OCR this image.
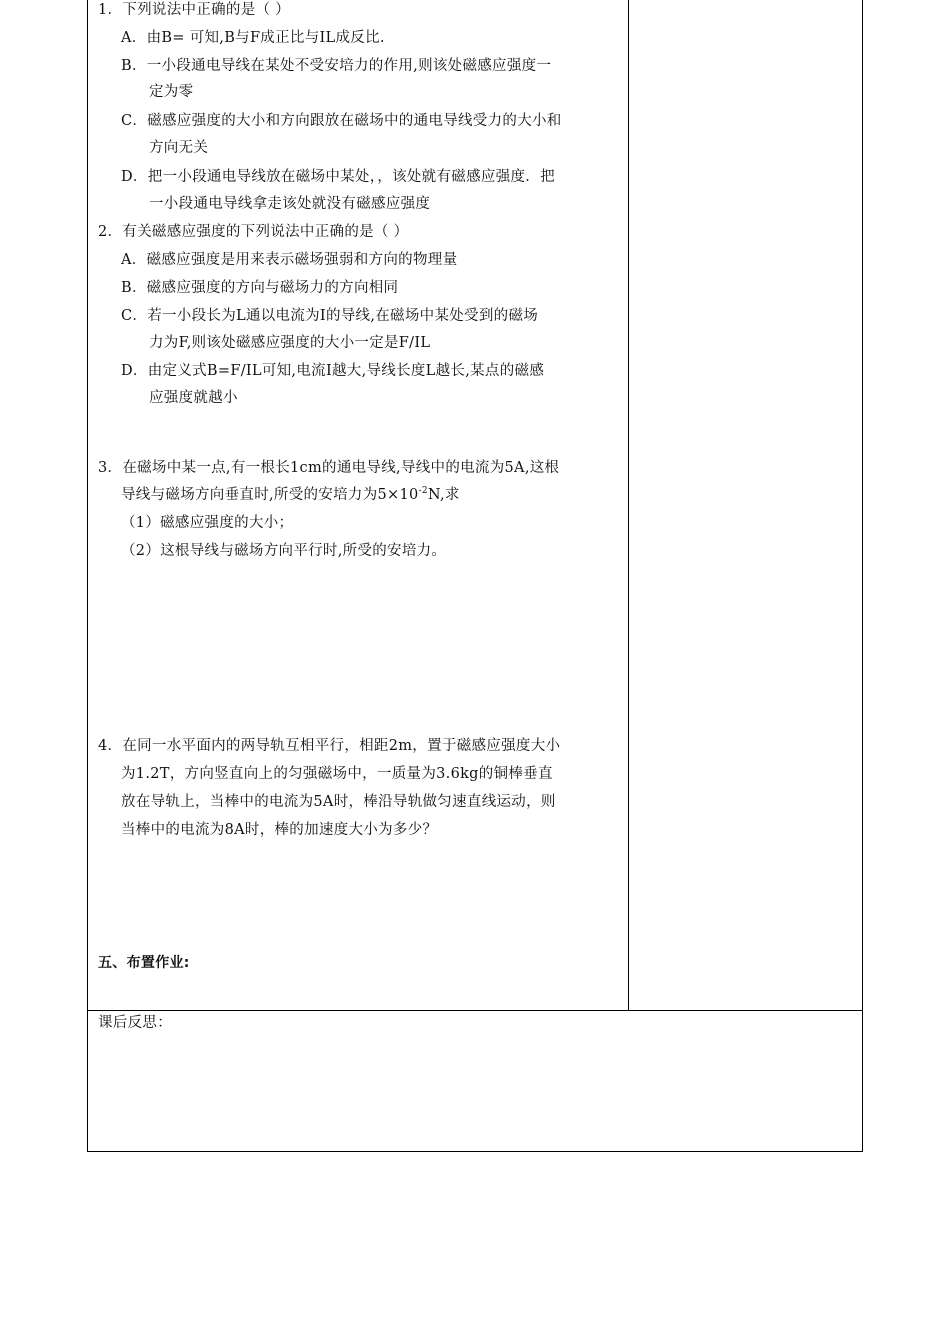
1．下列说法中正确的是（ ）
A．由B= 可知,B与F成正比与IL成反比.
B．一小段通电导线在某处不受安培力的作用,则该处磁感应强度一
定为零
C．磁感应强度的大小和方向跟放在磁场中的通电导线受力的大小和
方向无关
D．把一小段通电导线放在磁场中某处，，该处就有磁感应强度．把
一小段通电导线拿走该处就没有磁感应强度
2．有关磁感应强度的下列说法中正确的是（ ）
A．磁感应强度是用来表示磁场强弱和方向的物理量
B．磁感应强度的方向与磁场力的方向相同
C．若一小段长为L通以电流为I的导线,在磁场中某处受到的磁场
力为F,则该处磁感应强度的大小一定是F/IL
D．由定义式B=F/IL可知,电流I越大,导线长度L越长,某点的磁感
应强度就越小
3．在磁场中某一点,有一根长1cm的通电导线,导线中的电流为5A,这根
导线与磁场方向垂直时,所受的安培力为$5\times 10^{-2}N$,求
（1）磁感应强度的大小；
（2）这根导线与磁场方向平行时,所受的安培力。
4．在同一水平面内的两导轨互相平行，相距2m，置于磁感应强度大小
为1.2T，方向竖直向上的匀强磁场中，一质量为3.6kg的铜棒垂直
放在导轨上，当棒中的电流为5A时，棒沿导轨做匀速直线运动，则
当棒中的电流为8A时，棒的加速度大小为多少？
五、布置作业:
课后反思：
